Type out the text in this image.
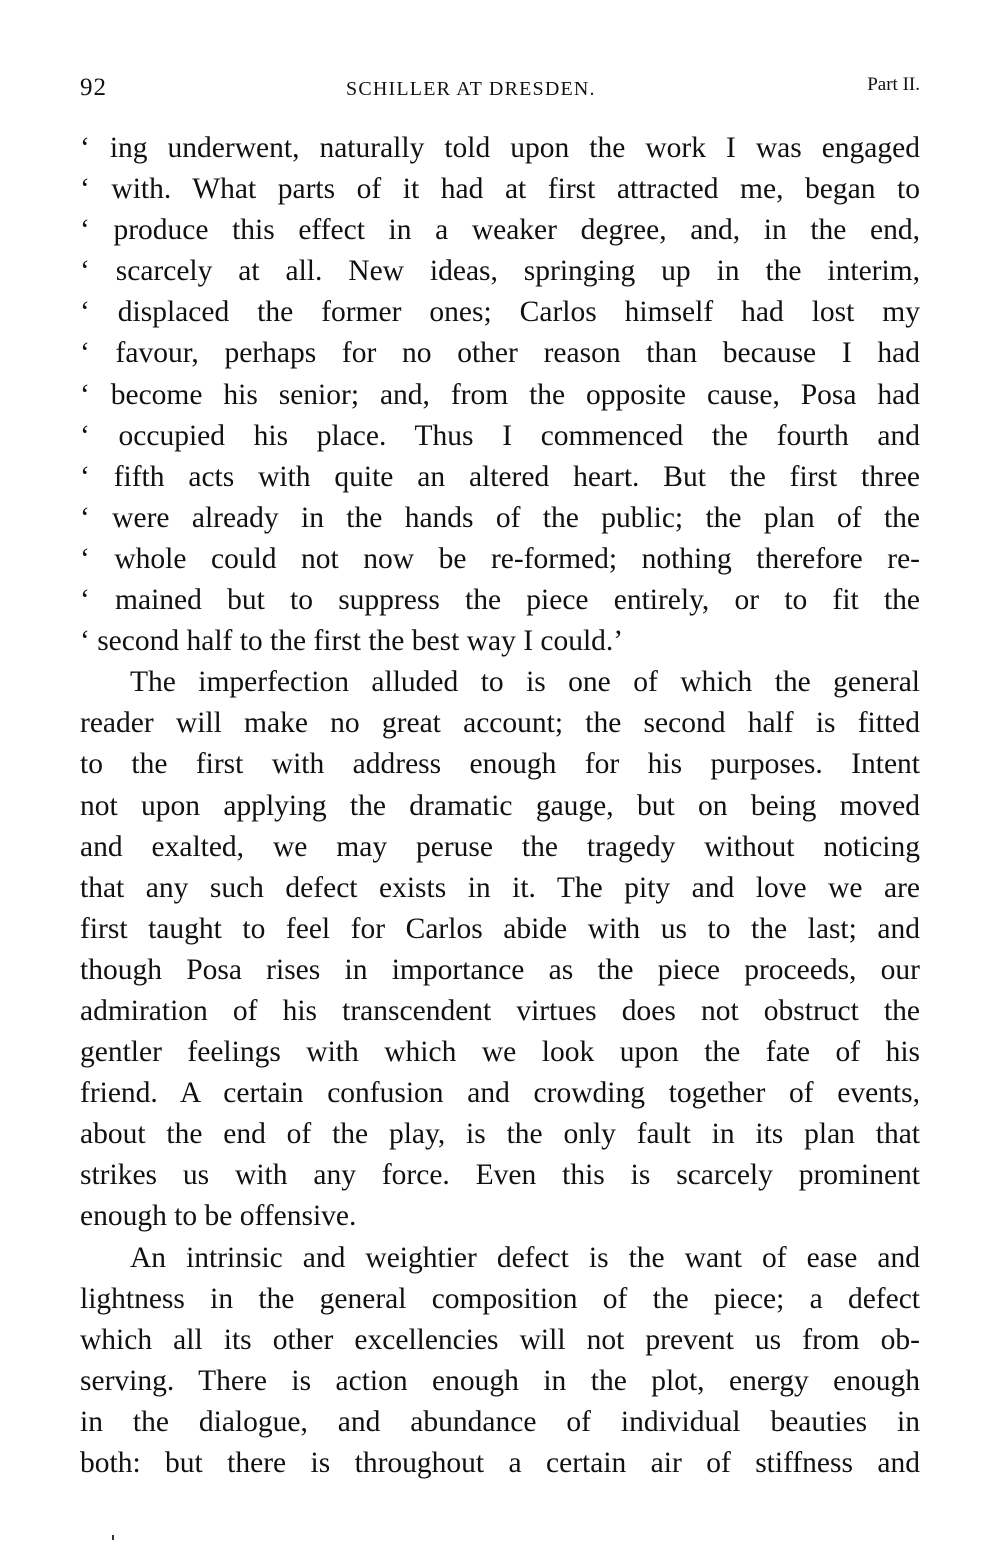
92	SCHILLER AT DRESDEN.	Part II.
‘ ing underwent, naturally told upon the work I was engaged
‘ with. What parts of it had at first attracted me, began to
‘ produce this effect in a weaker degree, and, in the end,
‘ scarcely at all. New ideas, springing up in the interim,
‘ displaced the former ones; Carlos himself had lost my
‘ favour, perhaps for no other reason than because I had
‘ become his senior; and, from the opposite cause, Posa had
‘ occupied his place. Thus I commenced the fourth and
‘ fifth acts with quite an altered heart. But the first three
‘ were already in the hands of the public; the plan of the
‘ whole could not now be re-formed; nothing therefore re-
‘ mained but to suppress the piece entirely, or to fit the
‘ second half to the first the best way I could.’
The imperfection alluded to is one of which the general
reader will make no great account; the second half is fitted
to the first with address enough for his purposes. Intent
not upon applying the dramatic gauge, but on being moved
and exalted, we may peruse the tragedy without noticing
that any such defect exists in it. The pity and love we are
first taught to feel for Carlos abide with us to the last; and
though Posa rises in importance as the piece proceeds, our
admiration of his transcendent virtues does not obstruct the
gentler feelings with which we look upon the fate of his
friend. A certain confusion and crowding together of events,
about the end of the play, is the only fault in its plan that
strikes us with any force. Even this is scarcely prominent
enough to be offensive.
An intrinsic and weightier defect is the want of ease and
lightness in the general composition of the piece; a defect
which all its other excellencies will not prevent us from ob-
serving. There is action enough in the plot, energy enough
in the dialogue, and abundance of individual beauties in
both: but there is throughout a certain air of stiffness and
